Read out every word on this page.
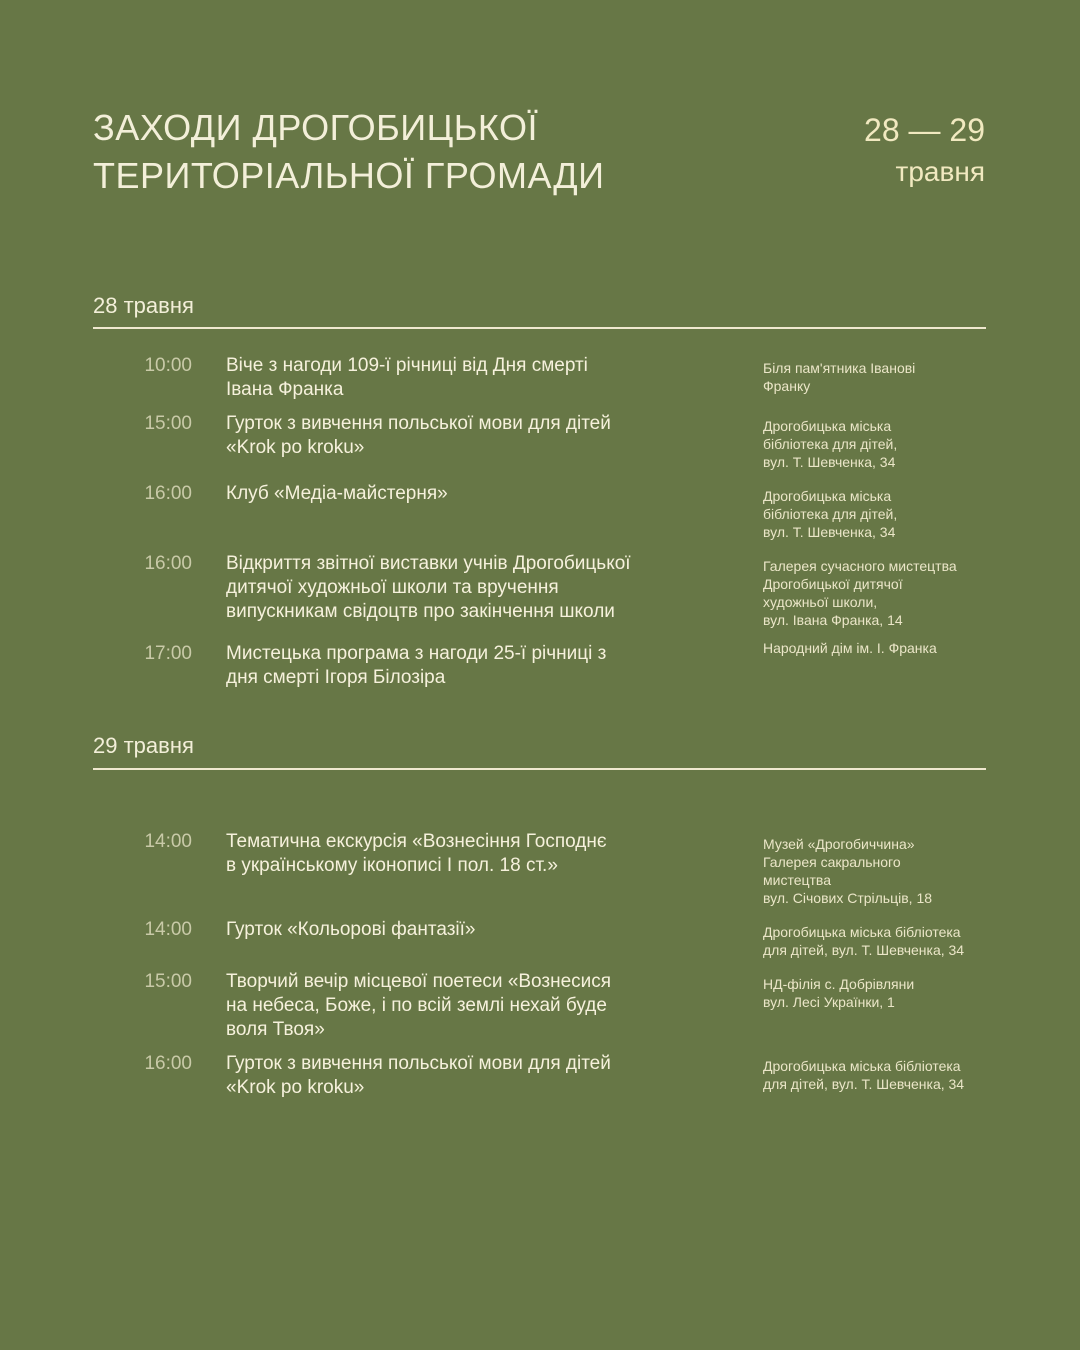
ЗАХОДИ ДРОГОБИЦЬКОЇ
ТЕРИТОРІАЛЬНОЇ ГРОМАДИ
28 — 29
травня
28 травня
10:00 Віче з нагоди 109-ї річниці від Дня смерті
Івана Франка
Біля пам'ятника Іванові
Франку
15:00 Гурток з вивчення польської мови для дітей
«Krok po kroku»
Дрогобицька міська
бібліотека для дітей,
вул. Т. Шевченка, 34
16:00 Клуб «Медіа-майстерня»	Дрогобицька міська
бібліотека для дітей,
вул. Т. Шевченка, 34
16:00 Відкриття звітної виставки учнів Дрогобицької
дитячої художньої школи та вручення
випускникам свідоцтв про закінчення школи
Галерея сучасного мистецтва
Дрогобицької дитячої
художньої школи,
вул. Івана Франка, 14
17:00 Мистецька програма з нагоди 25-ї річниці з
дня смерті Ігоря Білозіра
Народний дім ім. І. Франка
29 травня
14:00 Тематична екскурсія «Вознесіння Господнє
в українському іконописі І пол. 18 ст.»
Музей «Дрогобиччина»
Галерея сакрального
мистецтва
вул. Січових Стрільців, 18
14:00 Гурток «Кольорові фантазії»	Дрогобицька міська бібліотека
для дітей, вул. Т. Шевченка, 34
15:00 Творчий вечір місцевої поетеси «Вознесися
на небеса, Боже, і по всій землі нехай буде
воля Твоя»
НД-філія с. Добрівляни
вул. Лесі Українки, 1
16:00 Гурток з вивчення польської мови для дітей
«Krok po kroku»
Дрогобицька міська бібліотека
для дітей, вул. Т. Шевченка, 34
